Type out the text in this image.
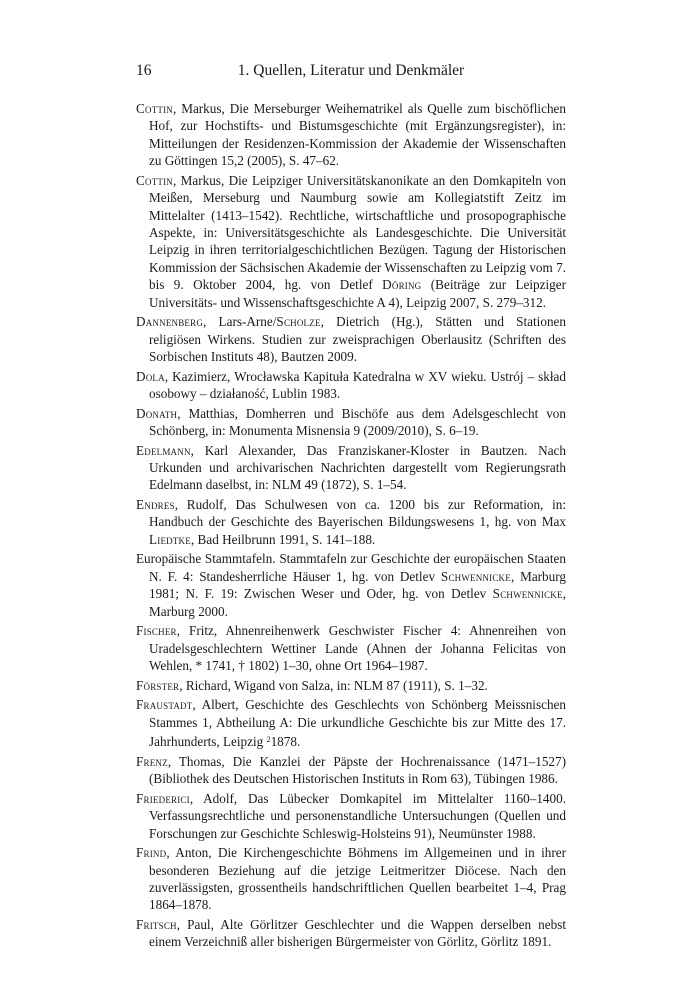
16	1. Quellen, Literatur und Denkmäler

Cottin, Markus, Die Merseburger Weihematrikel als Quelle zum bischöflichen Hof, zur Hochstifts- und Bistumsgeschichte (mit Ergänzungsregister), in: Mitteilungen der Residenzen-Kommission der Akademie der Wissenschaften zu Göttingen 15,2 (2005), S. 47–62.

Cottin, Markus, Die Leipziger Universitätskanonikate an den Domkapiteln von Meißen, Merseburg und Naumburg sowie am Kollegiatstift Zeitz im Mittelalter (1413–1542). Rechtliche, wirtschaftliche und prosopographische Aspekte, in: Universitätsgeschichte als Landesgeschichte. Die Universität Leipzig in ihren territorialgeschichtlichen Bezügen. Tagung der Historischen Kommission der Sächsischen Akademie der Wissenschaften zu Leipzig vom 7. bis 9. Oktober 2004, hg. von Detlef Döring (Beiträge zur Leipziger Universitäts- und Wissenschaftsgeschichte A 4), Leipzig 2007, S. 279–312.

Dannenberg, Lars-Arne/Scholze, Dietrich (Hg.), Stätten und Stationen religiösen Wirkens. Studien zur zweisprachigen Oberlausitz (Schriften des Sorbischen Instituts 48), Bautzen 2009.

Dola, Kazimierz, Wrocławska Kapituła Katedralna w XV wieku. Ustrój – skład osobowy – działaność, Lublin 1983.

Donath, Matthias, Domherren und Bischöfe aus dem Adelsgeschlecht von Schönberg, in: Monumenta Misnensia 9 (2009/2010), S. 6–19.

Edelmann, Karl Alexander, Das Franziskaner-Kloster in Bautzen. Nach Urkunden und archivarischen Nachrichten dargestellt vom Regierungsrath Edelmann daselbst, in: NLM 49 (1872), S. 1–54.

Endres, Rudolf, Das Schulwesen von ca. 1200 bis zur Reformation, in: Handbuch der Geschichte des Bayerischen Bildungswesens 1, hg. von Max Liedtke, Bad Heilbrunn 1991, S. 141–188.

Europäische Stammtafeln. Stammtafeln zur Geschichte der europäischen Staaten N. F. 4: Standesherrliche Häuser 1, hg. von Detlev Schwennicke, Marburg 1981; N. F. 19: Zwischen Weser und Oder, hg. von Detlev Schwennicke, Marburg 2000.

Fischer, Fritz, Ahnenreihenwerk Geschwister Fischer 4: Ahnenreihen von Uradelsgeschlechtern Wettiner Lande (Ahnen der Johanna Felicitas von Wehlen, * 1741, † 1802) 1–30, ohne Ort 1964–1987.

Förster, Richard, Wigand von Salza, in: NLM 87 (1911), S. 1–32.

Fraustadt, Albert, Geschichte des Geschlechts von Schönberg Meissnischen Stammes 1, Abtheilung A: Die urkundliche Geschichte bis zur Mitte des 17. Jahrhunderts, Leipzig $^2$1878.

Frenz, Thomas, Die Kanzlei der Päpste der Hochrenaissance (1471–1527) (Bibliothek des Deutschen Historischen Instituts in Rom 63), Tübingen 1986.

Friederici, Adolf, Das Lübecker Domkapitel im Mittelalter 1160–1400. Verfassungsrechtliche und personenstandliche Untersuchungen (Quellen und Forschungen zur Geschichte Schleswig-Holsteins 91), Neumünster 1988.

Frind, Anton, Die Kirchengeschichte Böhmens im Allgemeinen und in ihrer besonderen Beziehung auf die jetzige Leitmeritzer Diöcese. Nach den zuverlässigsten, grossentheils handschriftlichen Quellen bearbeitet 1–4, Prag 1864–1878.

Fritsch, Paul, Alte Görlitzer Geschlechter und die Wappen derselben nebst einem Verzeichniß aller bisherigen Bürgermeister von Görlitz, Görlitz 1891.
